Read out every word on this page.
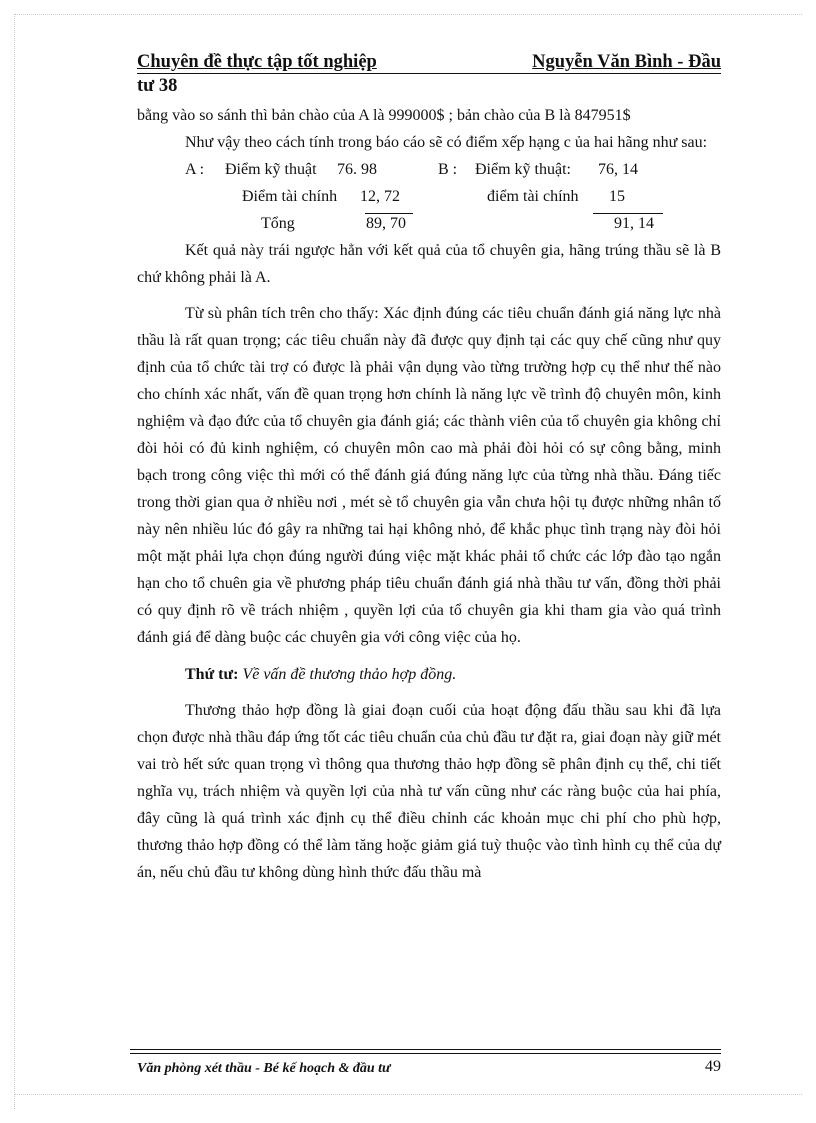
Chuyên đề thực tập tốt nghiệp	Nguyễn Văn Bình - Đầu
tư 38

bằng vào so sánh thì bản chào của A là 999000$ ; bản chào của B là 847951$

Như vậy theo cách tính trong báo cáo sẽ có điểm xếp hạng c ủa hai hãng như sau:

A : Điểm kỹ thuật 76. 98	B : Điểm kỹ thuật: 76, 14
Điểm tài chính 12, 72	điểm tài chính 15
Tổng	89, 70	91, 14

Kết quả này trái ngược hẳn với kết quả của tổ chuyên gia, hãng trúng thầu sẽ là B chứ không phải là A.

Từ sù phân tích trên cho thấy: Xác định đúng các tiêu chuẩn đánh giá năng lực nhà thầu là rất quan trọng; các tiêu chuẩn này đã được quy định tại các quy chế cũng như quy định của tổ chức tài trợ có được là phải vận dụng vào từng trường hợp cụ thể như thế nào cho chính xác nhất, vấn đề quan trọng hơn chính là năng lực về trình độ chuyên môn, kinh nghiệm và đạo đức của tổ chuyên gia đánh giá; các thành viên của tổ chuyên gia không chỉ đòi hỏi có đủ kinh nghiệm, có chuyên môn cao mà phải đòi hỏi có sự công bằng, minh bạch trong công việc thì mới có thể đánh giá đúng năng lực của từng nhà thầu. Đáng tiếc trong thời gian qua ở nhiều nơi , mét sè tổ chuyên gia vẫn chưa hội tụ được những nhân tố này nên nhiều lúc đó gây ra những tai hại không nhỏ, để khắc phục tình trạng này đòi hỏi một mặt phải lựa chọn đúng người đúng việc mặt khác phải tổ chức các lớp đào tạo ngắn hạn cho tổ chuên gia về phương pháp tiêu chuẩn đánh giá nhà thầu tư vấn, đồng thời phải có quy định rõ về trách nhiệm , quyền lợi của tổ chuyên gia khi tham gia vào quá trình đánh giá để dàng buộc các chuyên gia với công việc của họ.

Thứ tư: Về vấn đề thương thảo hợp đồng.

Thương thảo hợp đồng là giai đoạn cuối của hoạt động đấu thầu sau khi đã lựa chọn được nhà thầu đáp ứng tốt các tiêu chuẩn của chủ đầu tư đặt ra, giai đoạn này giữ mét vai trò hết sức quan trọng vì thông qua thương thảo hợp đồng sẽ phân định cụ thể, chi tiết nghĩa vụ, trách nhiệm và quyền lợi của nhà tư vấn cũng như các ràng buộc của hai phía, đây cũng là quá trình xác định cụ thể điều chỉnh các khoản mục chi phí cho phù hợp, thương thảo hợp đồng có thể làm tăng hoặc giảm giá tuỳ thuộc vào tình hình cụ thể của dự án, nếu chủ đầu tư không dùng hình thức đấu thầu mà

Văn phòng xét thầu - Bé kế hoạch & đầu tư	49
